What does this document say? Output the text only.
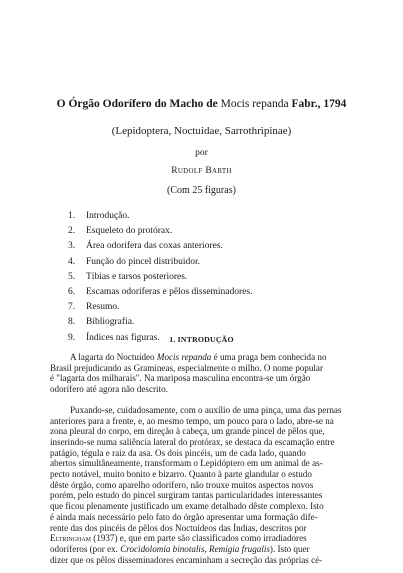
O Órgão Odorífero do Macho de Mocis repanda Fabr., 1794
(Lepidoptera, Noctuidae, Sarrothripinae)
por
Rudolf Barth
(Com 25 figuras)
1.	Introdução.
2.	Esqueleto do protórax.
3.	Área odorífera das coxas anteriores.
4.	Função do pincel distribuidor.
5.	Tíbias e tarsos posteriores.
6.	Escamas odoríferas e pêlos disseminadores.
7.	Resumo.
8.	Bibliografia.
9.	Índices nas figuras.	1. INTRODUÇÃO
A lagarta do Noctuídeo Mocis repanda é uma praga bem conhecida no
Brasil prejudicando as Gramíneas, especialmente o milho. O nome popular
é "lagarta dos milharais". Na mariposa masculina encontra-se um órgão
odorífero até agora não descrito.
Puxando-se, cuidadosamente, com o auxílio de uma pinça, uma das pernas
anteriores para a frente, e, ao mesmo tempo, um pouco para o lado, abre-se na
zona pleural do corpo, em direção à cabeça, um grande pincel de pêlos que,
inserindo-se numa saliência lateral do protórax, se destaca da escamação entre
patágio, tégula e raiz da asa. Os dois pincéis, um de cada lado, quando
abertos simultâneamente, transformam o Lepidóptero em um animal de as-
pecto notável, muito bonito e bizarro. Quanto à parte glandular o estudo
dêste órgão, como aparelho odorífero, não trouxe muitos aspectos novos
porém, pelo estudo do pincel surgiram tantas particularidades interessantes
que ficou plenamente justificado um exame detalhado dêste complexo. Isto
é ainda mais necessário pelo fato do órgão apresentar uma formação dife-
rente das dos pincéis de pêlos dos Noctuídeos das Índias, descritos por
Eltringham (1937) e, que em parte são classificados como irradiadores
odoríferos (por ex. Crocidolomia binotalis, Remigia frugalis). Isto quer
dizer que os pêlos disseminadores encaminham a secreção das próprias cé-
